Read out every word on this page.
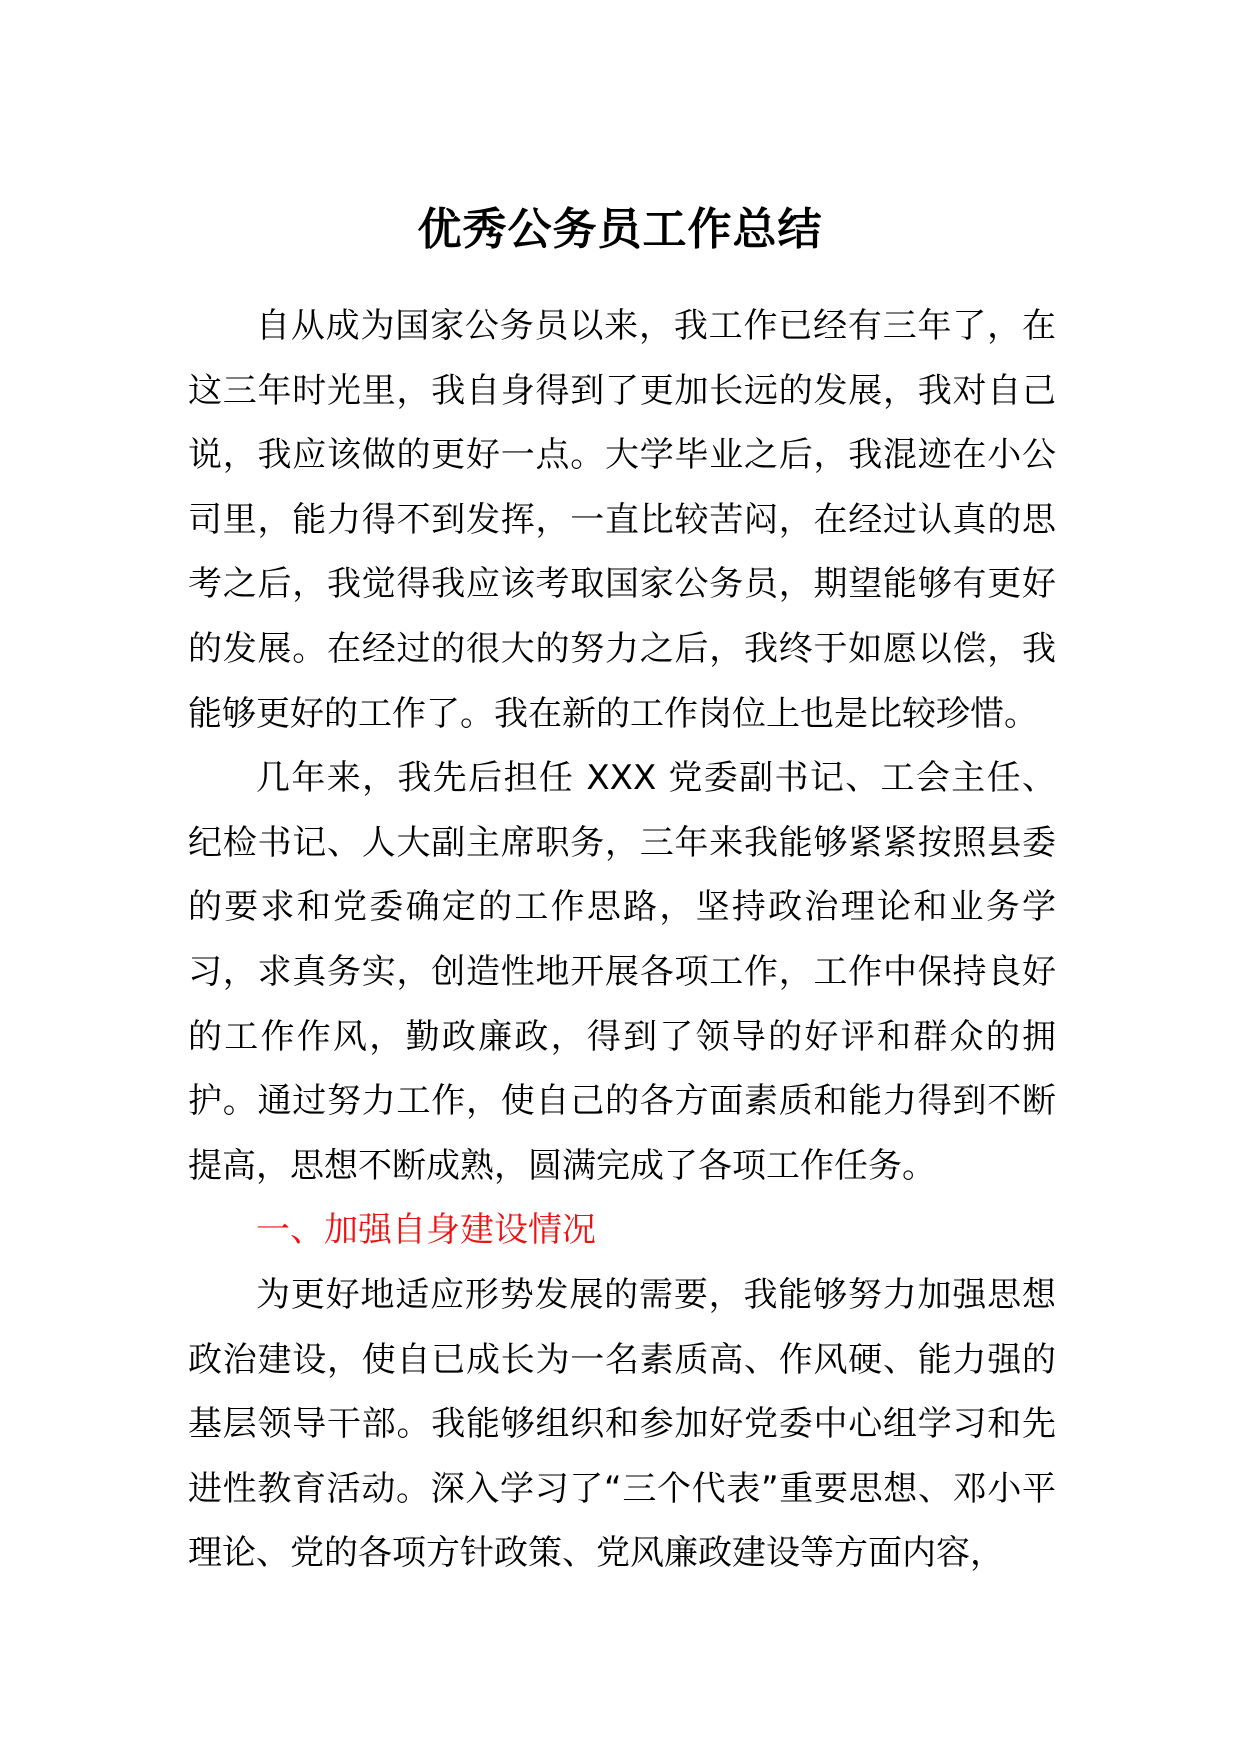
优秀公务员工作总结

自从成为国家公务员以来，我工作已经有三年了，在这三年时光里，我自身得到了更加长远的发展，我对自己说，我应该做的更好一点。大学毕业之后，我混迹在小公司里，能力得不到发挥，一直比较苦闷，在经过认真的思考之后，我觉得我应该考取国家公务员，期望能够有更好的发展。在经过的很大的努力之后，我终于如愿以偿，我能够更好的工作了。我在新的工作岗位上也是比较珍惜。

几年来，我先后担任 XXX 党委副书记、工会主任、纪检书记、人大副主席职务，三年来我能够紧紧按照县委的要求和党委确定的工作思路，坚持政治理论和业务学习，求真务实，创造性地开展各项工作，工作中保持良好的工作作风，勤政廉政，得到了领导的好评和群众的拥护。通过努力工作，使自己的各方面素质和能力得到不断提高，思想不断成熟，圆满完成了各项工作任务。

一、加强自身建设情况

为更好地适应形势发展的需要，我能够努力加强思想政治建设，使自已成长为一名素质高、作风硬、能力强的基层领导干部。我能够组织和参加好党委中心组学习和先进性教育活动。深入学习了“三个代表”重要思想、邓小平理论、党的各项方针政策、党风廉政建设等方面内容，
